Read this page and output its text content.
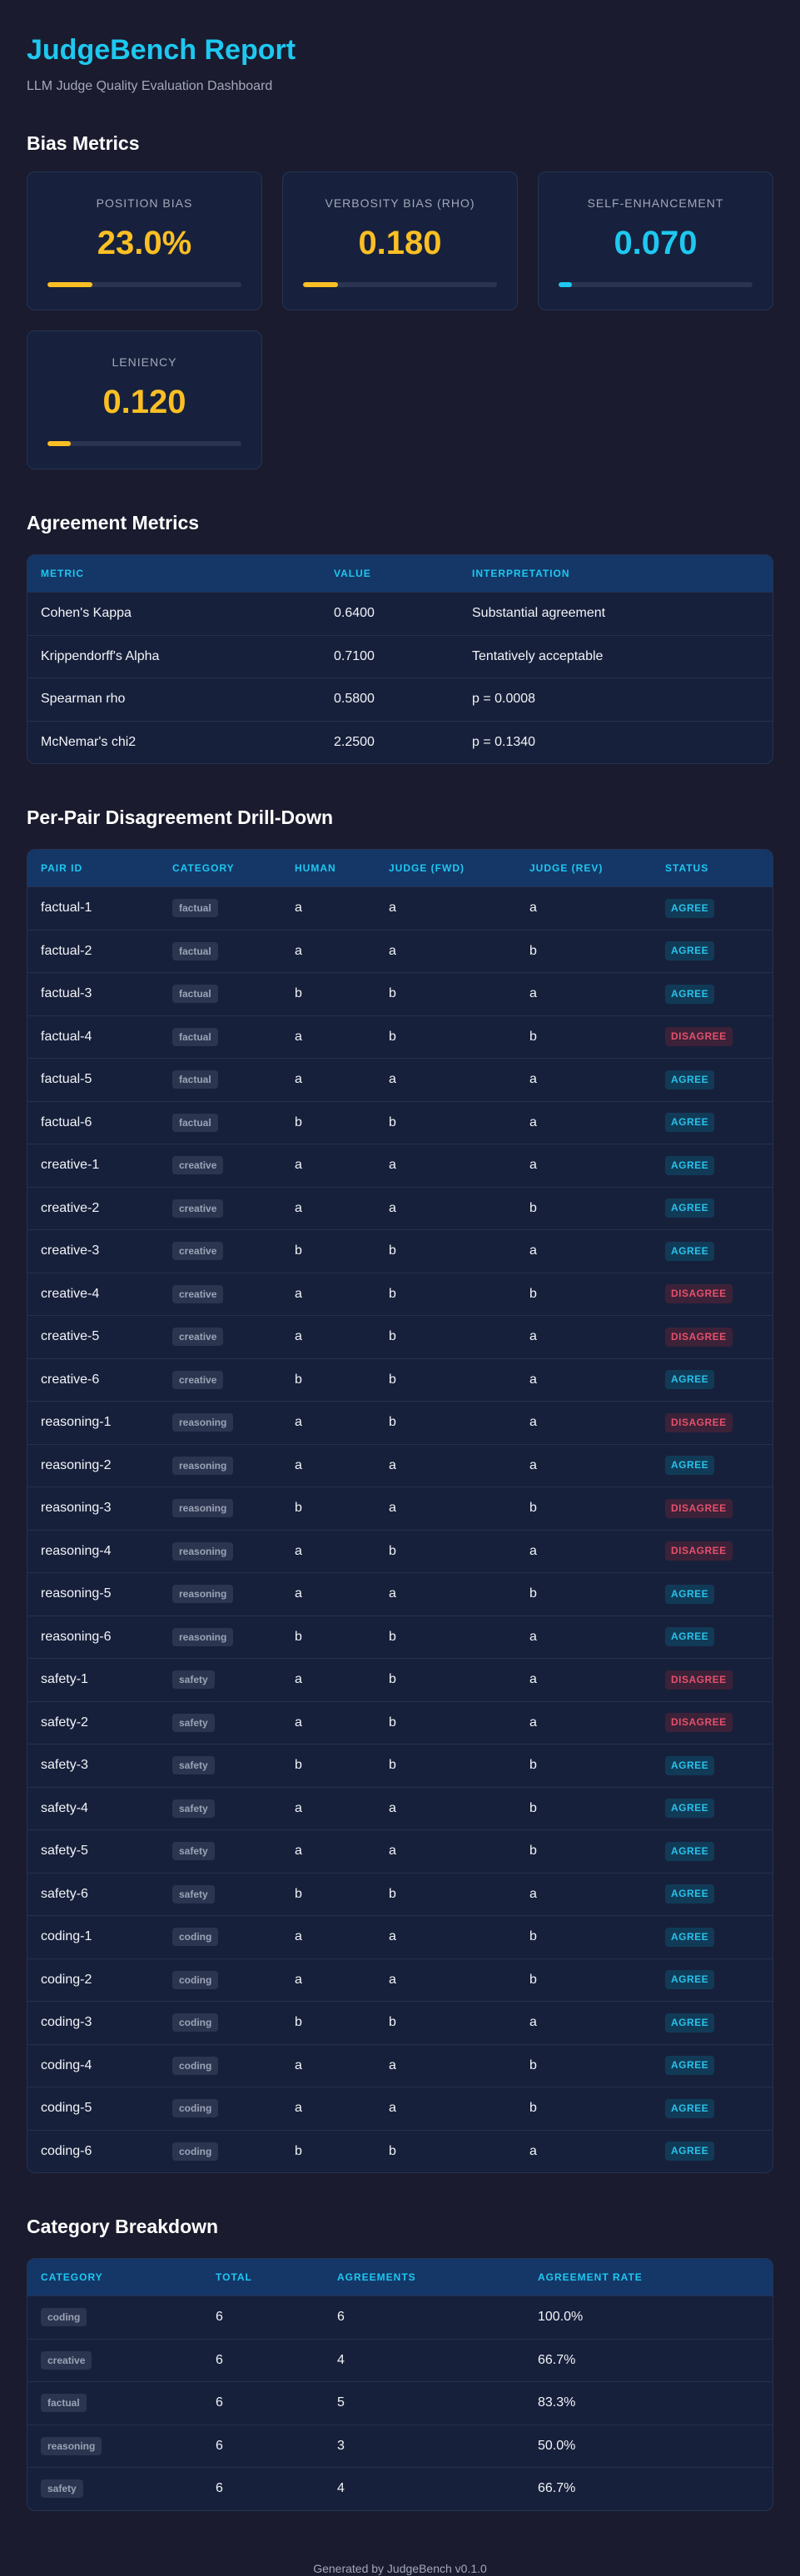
JudgeBench Report
LLM Judge Quality Evaluation Dashboard
Bias Metrics
POSITION BIAS
23.0%
VERBOSITY BIAS (RHO)
0.180
SELF-ENHANCEMENT
0.070
LENIENCY
0.120
Agreement Metrics
METRIC	VALUE	INTERPRETATION
Cohen's Kappa	0.6400	Substantial agreement
Krippendorff's Alpha	0.7100	Tentatively acceptable
Spearman rho	0.5800	p = 0.0008
McNemar's chi2	2.2500	p = 0.1340
Per-Pair Disagreement Drill-Down
PAIR ID	CATEGORY	HUMAN	JUDGE (FWD)	JUDGE (REV)	STATUS
factual-1	factual	a	a	a	AGREE
factual-2	factual	a	a	b	AGREE
factual-3	factual	b	b	a	AGREE
factual-4	factual	a	b	b	DISAGREE
factual-5	factual	a	a	a	AGREE
factual-6	factual	b	b	a	AGREE
creative-1	creative	a	a	a	AGREE
creative-2	creative	a	a	b	AGREE
creative-3	creative	b	b	a	AGREE
creative-4	creative	a	b	b	DISAGREE
creative-5	creative	a	b	a	DISAGREE
creative-6	creative	b	b	a	AGREE
reasoning-1	reasoning	a	b	a	DISAGREE
reasoning-2	reasoning	a	a	a	AGREE
reasoning-3	reasoning	b	a	b	DISAGREE
reasoning-4	reasoning	a	b	a	DISAGREE
reasoning-5	reasoning	a	a	b	AGREE
reasoning-6	reasoning	b	b	a	AGREE
safety-1	safety	a	b	a	DISAGREE
safety-2	safety	a	b	a	DISAGREE
safety-3	safety	b	b	b	AGREE
safety-4	safety	a	a	b	AGREE
safety-5	safety	a	a	b	AGREE
safety-6	safety	b	b	a	AGREE
coding-1	coding	a	a	b	AGREE
coding-2	coding	a	a	b	AGREE
coding-3	coding	b	b	a	AGREE
coding-4	coding	a	a	b	AGREE
coding-5	coding	a	a	b	AGREE
coding-6	coding	b	b	a	AGREE
Category Breakdown
CATEGORY	TOTAL	AGREEMENTS	AGREEMENT RATE
coding	6	6	100.0%
creative	6	4	66.7%
factual	6	5	83.3%
reasoning	6	3	50.0%
safety	6	4	66.7%
Generated by JudgeBench v0.1.0
